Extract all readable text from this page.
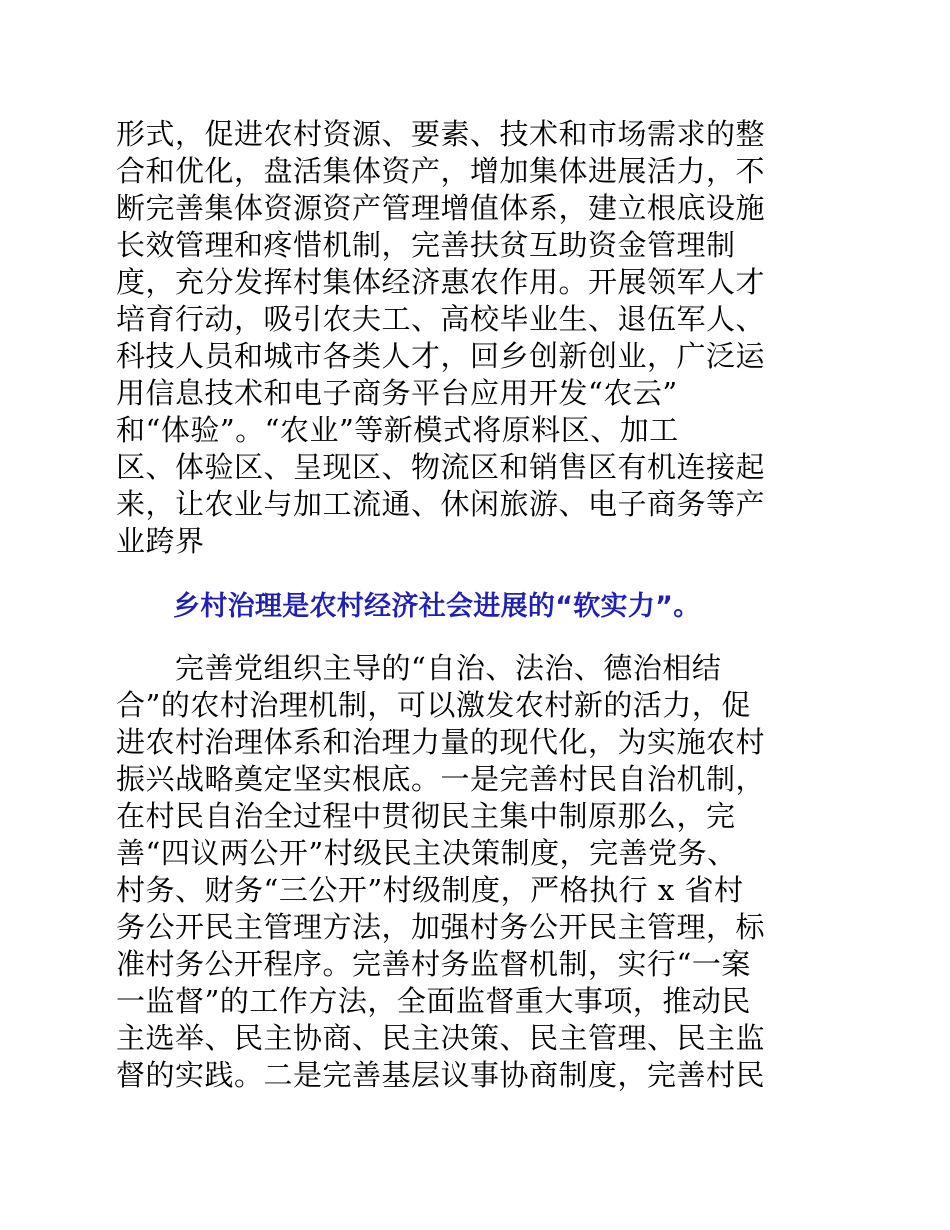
形式，促进农村资源、要素、技术和市场需求的整
合和优化，盘活集体资产，增加集体进展活力，不
断完善集体资源资产管理增值体系，建立根底设施
长效管理和疼惜机制，完善扶贫互助资金管理制
度，充分发挥村集体经济惠农作用。开展领军人才
培育行动，吸引农夫工、高校毕业生、退伍军人、
科技人员和城市各类人才，回乡创新创业，广泛运
用信息技术和电子商务平台应用开发“农云”
和“体验”。“农业”等新模式将原料区、加工
区、体验区、呈现区、物流区和销售区有机连接起
来，让农业与加工流通、休闲旅游、电子商务等产
业跨界
乡村治理是农村经济社会进展的“软实力”。
　　完善党组织主导的“自治、法治、德治相结
合”的农村治理机制，可以激发农村新的活力，促
进农村治理体系和治理力量的现代化，为实施农村
振兴战略奠定坚实根底。一是完善村民自治机制，
在村民自治全过程中贯彻民主集中制原那么，完
善“四议两公开”村级民主决策制度，完善党务、
村务、财务“三公开”村级制度，严格执行 x 省村
务公开民主管理方法，加强村务公开民主管理，标
准村务公开程序。完善村务监督机制，实行“一案
一监督”的工作方法，全面监督重大事项，推动民
主选举、民主协商、民主决策、民主管理、民主监
督的实践。二是完善基层议事协商制度，完善村民
